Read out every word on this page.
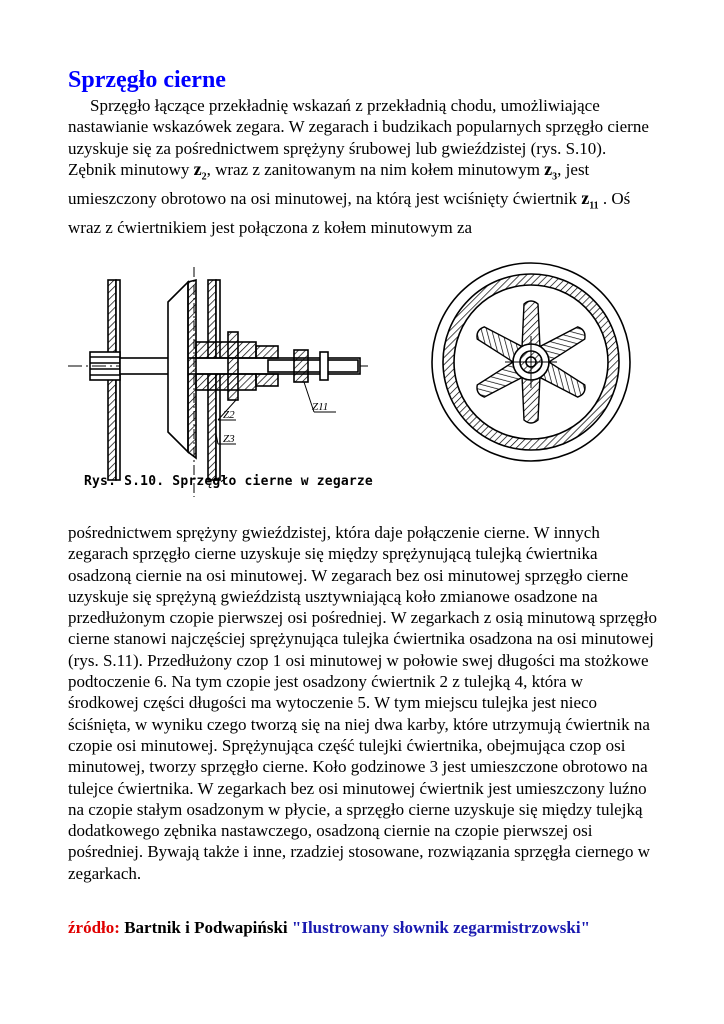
Sprzęgło cierne

Sprzęgło łączące przekładnię wskazań z przekładnią chodu, umożliwiające nastawianie wskazówek zegara. W zegarach i budzikach popularnych sprzęgło cierne uzyskuje się za pośrednictwem sprężyny śrubowej lub gwieździstej (rys. S.10). Zębnik minutowy $z_2$, wraz z zanitowanym na nim kołem minutowym $z_3$, jest umieszczony obrotowo na osi minutowej, na którą jest wciśnięty ćwiertnik $z_{11}$ . Oś wraz z ćwiertnikiem jest połączona z kołem minutowym za

Z2
Z3
Z11
Rys. S.10. Sprzęgło cierne w zegarze

pośrednictwem sprężyny gwieździstej, która daje połączenie cierne. W innych zegarach sprzęgło cierne uzyskuje się między sprężynującą tulejką ćwiertnika osadzoną ciernie na osi minutowej. W zegarach bez osi minutowej sprzęgło cierne uzyskuje się sprężyną gwieździstą usztywniającą koło zmianowe osadzone na przedłużonym czopie pierwszej osi pośredniej. W zegarkach z osią minutową sprzęgło cierne stanowi najczęściej sprężynująca tulejka ćwiertnika osadzona na osi minutowej (rys. S.11). Przedłużony czop 1 osi minutowej w połowie swej długości ma stożkowe podtoczenie 6. Na tym czopie jest osadzony ćwiertnik 2 z tulejką 4, która w środkowej części długości ma wytoczenie 5. W tym miejscu tulejka jest nieco ściśnięta, w wyniku czego tworzą się na niej dwa karby, które utrzymują ćwiertnik na czopie osi minutowej. Sprężynująca część tulejki ćwiertnika, obejmująca czop osi minutowej, tworzy sprzęgło cierne. Koło godzinowe 3 jest umieszczone obrotowo na tulejce ćwiertnika. W zegarkach bez osi minutowej ćwiertnik jest umieszczony luźno na czopie stałym osadzonym w płycie, a sprzęgło cierne uzyskuje się między tulejką dodatkowego zębnika nastawczego, osadzoną ciernie na czopie pierwszej osi pośredniej. Bywają także i inne, rzadziej stosowane, rozwiązania sprzęgła ciernego w zegarkach.

źródło: Bartnik i Podwapiński "Ilustrowany słownik zegarmistrzowski"
